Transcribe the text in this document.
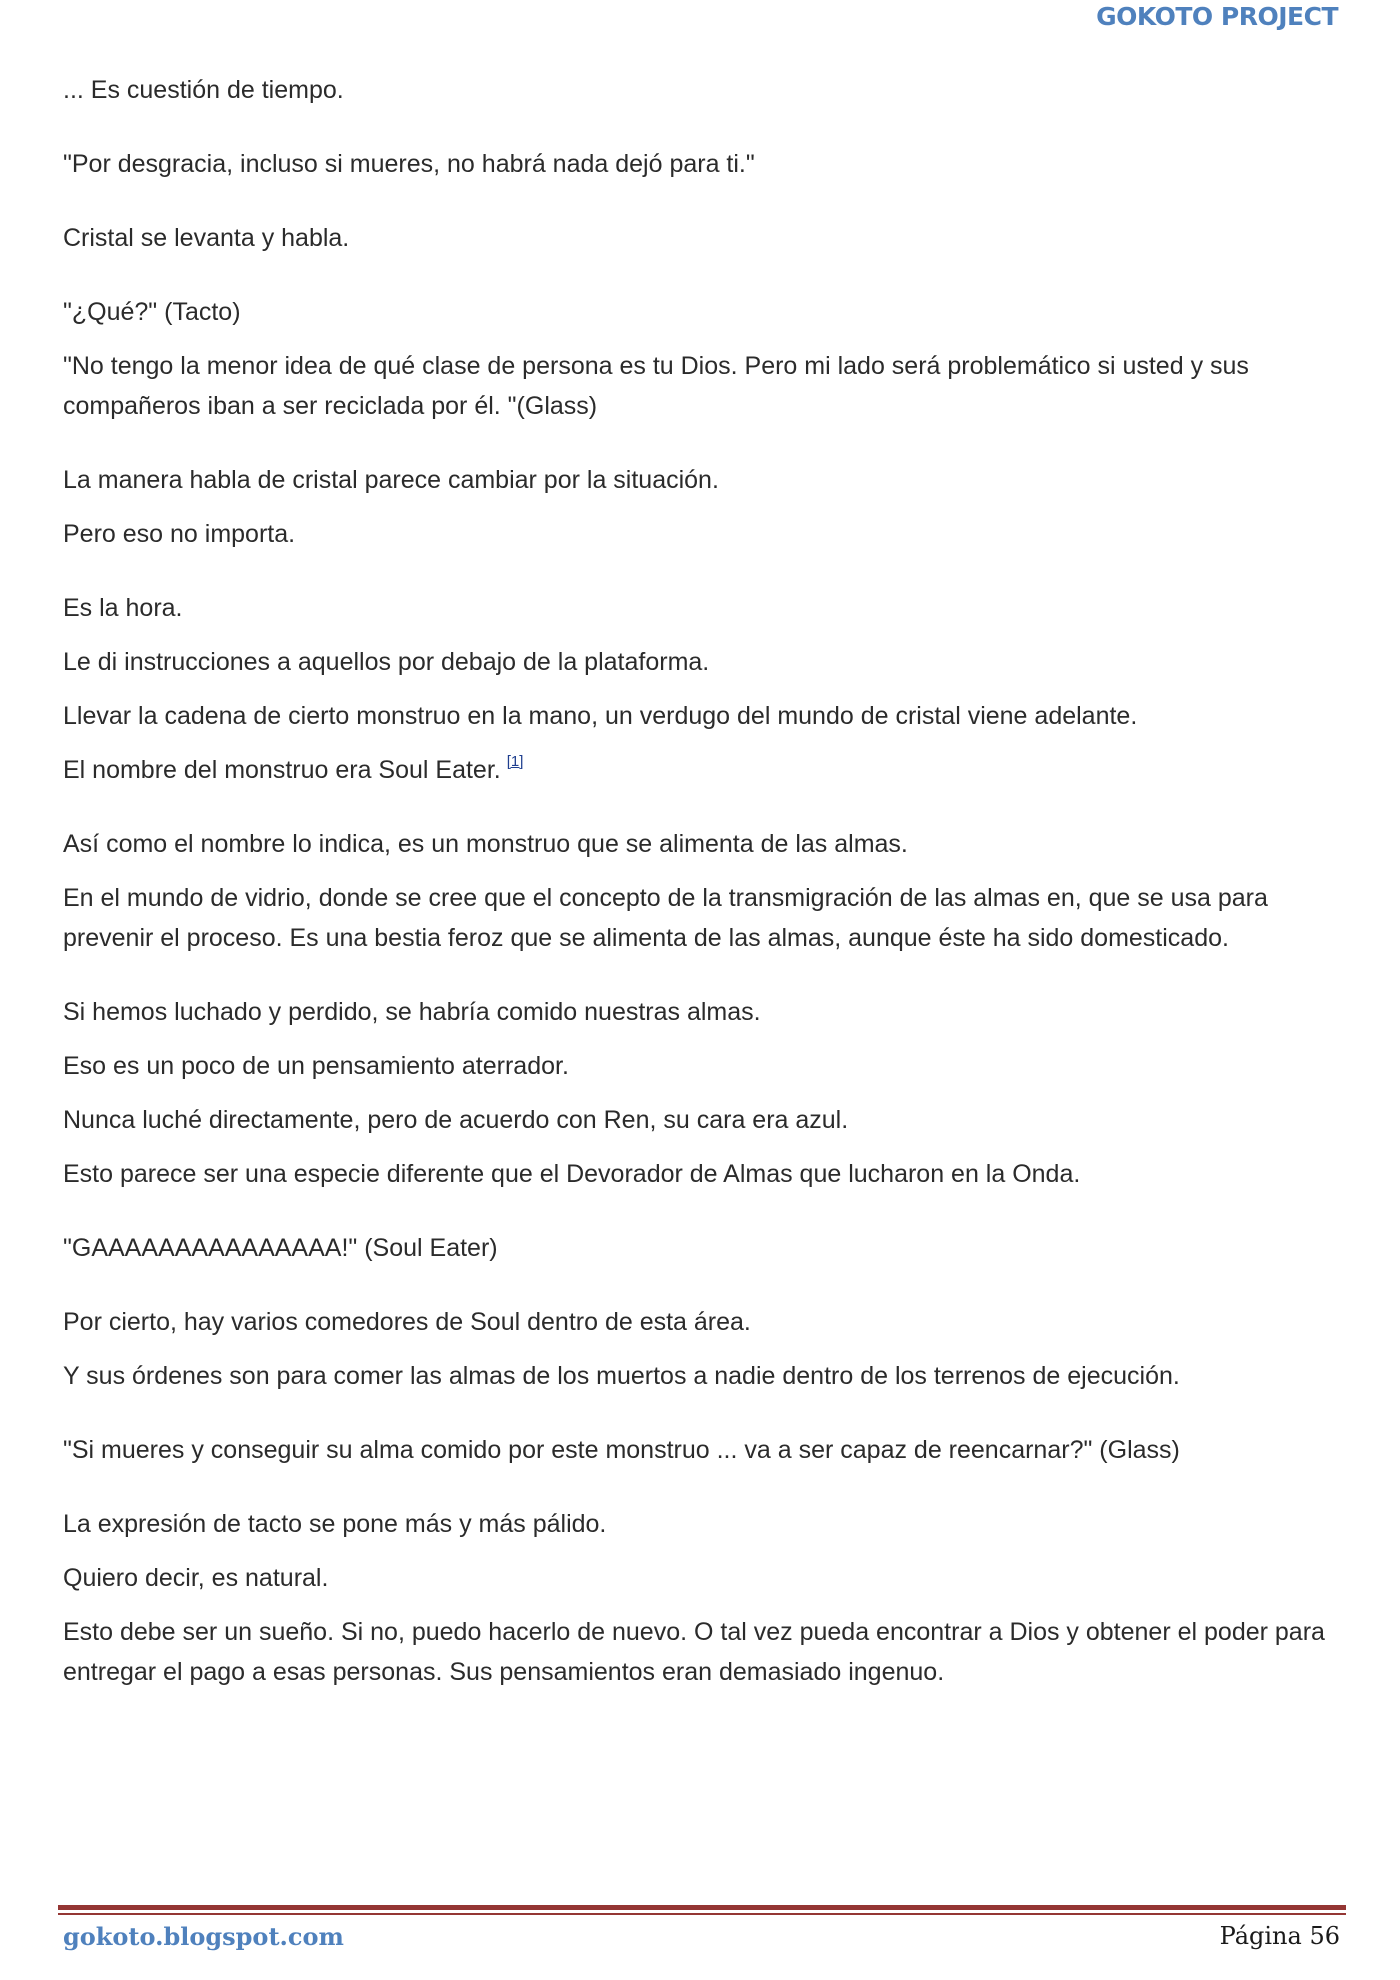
GOKOTO PROJECT

... Es cuestión de tiempo.

"Por desgracia, incluso si mueres, no habrá nada dejó para ti."

Cristal se levanta y habla.

"¿Qué?" (Tacto)

"No tengo la menor idea de qué clase de persona es tu Dios. Pero mi lado será problemático si usted y sus compañeros iban a ser reciclada por él. "(Glass)

La manera habla de cristal parece cambiar por la situación.

Pero eso no importa.

Es la hora.

Le di instrucciones a aquellos por debajo de la plataforma.

Llevar la cadena de cierto monstruo en la mano, un verdugo del mundo de cristal viene adelante.

El nombre del monstruo era Soul Eater. [1]

Así como el nombre lo indica, es un monstruo que se alimenta de las almas.

En el mundo de vidrio, donde se cree que el concepto de la transmigración de las almas en, que se usa para prevenir el proceso. Es una bestia feroz que se alimenta de las almas, aunque éste ha sido domesticado.

Si hemos luchado y perdido, se habría comido nuestras almas.

Eso es un poco de un pensamiento aterrador.

Nunca luché directamente, pero de acuerdo con Ren, su cara era azul.

Esto parece ser una especie diferente que el Devorador de Almas que lucharon en la Onda.

"GAAAAAAAAAAAAAAA!" (Soul Eater)

Por cierto, hay varios comedores de Soul dentro de esta área.

Y sus órdenes son para comer las almas de los muertos a nadie dentro de los terrenos de ejecución.

"Si mueres y conseguir su alma comido por este monstruo ... va a ser capaz de reencarnar?" (Glass)

La expresión de tacto se pone más y más pálido.

Quiero decir, es natural.

Esto debe ser un sueño. Si no, puedo hacerlo de nuevo. O tal vez pueda encontrar a Dios y obtener el poder para entregar el pago a esas personas. Sus pensamientos eran demasiado ingenuo.

gokoto.blogspot.com	Página 56
